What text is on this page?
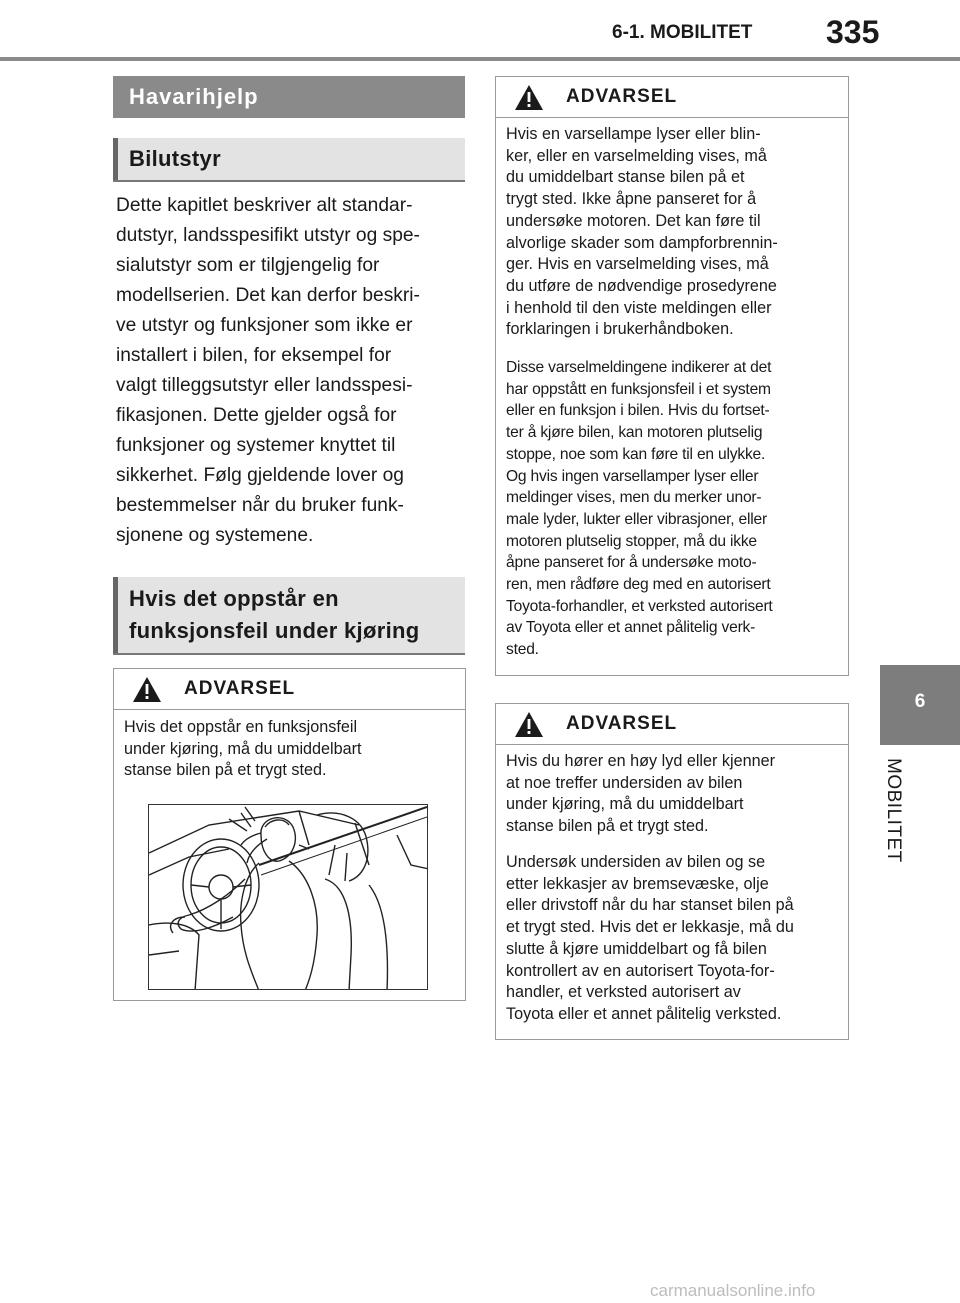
6-1. MOBILITET 335
6
MOBILITET
Havarihjelp
Bilutstyr
Dette kapitlet beskriver alt standar-
dutstyr, landsspesifikt utstyr og spe-
sialutstyr som er tilgjengelig for
modellserien. Det kan derfor beskri-
ve utstyr og funksjoner som ikke er
installert i bilen, for eksempel for
valgt tilleggsutstyr eller landsspesi-
fikasjonen. Dette gjelder også for
funksjoner og systemer knyttet til
sikkerhet. Følg gjeldende lover og
bestemmelser når du bruker funk-
sjonene og systemene.
Hvis det oppstår en
funksjonsfeil under kjøring
ADVARSEL
Hvis det oppstår en funksjonsfeil
under kjøring, må du umiddelbart
stanse bilen på et trygt sted.
ADVARSEL
Hvis en varsellampe lyser eller blin-
ker, eller en varselmelding vises, må
du umiddelbart stanse bilen på et
trygt sted. Ikke åpne panseret for å
undersøke motoren. Det kan føre til
alvorlige skader som dampforbrennin-
ger. Hvis en varselmelding vises, må
du utføre de nødvendige prosedyrene
i henhold til den viste meldingen eller
forklaringen i brukerhåndboken.
Disse varselmeldingene indikerer at det
har oppstått en funksjonsfeil i et system
eller en funksjon i bilen. Hvis du fortset-
ter å kjøre bilen, kan motoren plutselig
stoppe, noe som kan føre til en ulykke.
Og hvis ingen varsellamper lyser eller
meldinger vises, men du merker unor-
male lyder, lukter eller vibrasjoner, eller
motoren plutselig stopper, må du ikke
åpne panseret for å undersøke moto-
ren, men rådføre deg med en autorisert
Toyota-forhandler, et verksted autorisert
av Toyota eller et annet pålitelig verk-
sted.
ADVARSEL
Hvis du hører en høy lyd eller kjenner
at noe treffer undersiden av bilen
under kjøring, må du umiddelbart
stanse bilen på et trygt sted.
Undersøk undersiden av bilen og se
etter lekkasjer av bremsevæske, olje
eller drivstoff når du har stanset bilen på
et trygt sted. Hvis det er lekkasje, må du
slutte å kjøre umiddelbart og få bilen
kontrollert av en autorisert Toyota-for-
handler, et verksted autorisert av
Toyota eller et annet pålitelig verksted.
carmanualsonline.info
